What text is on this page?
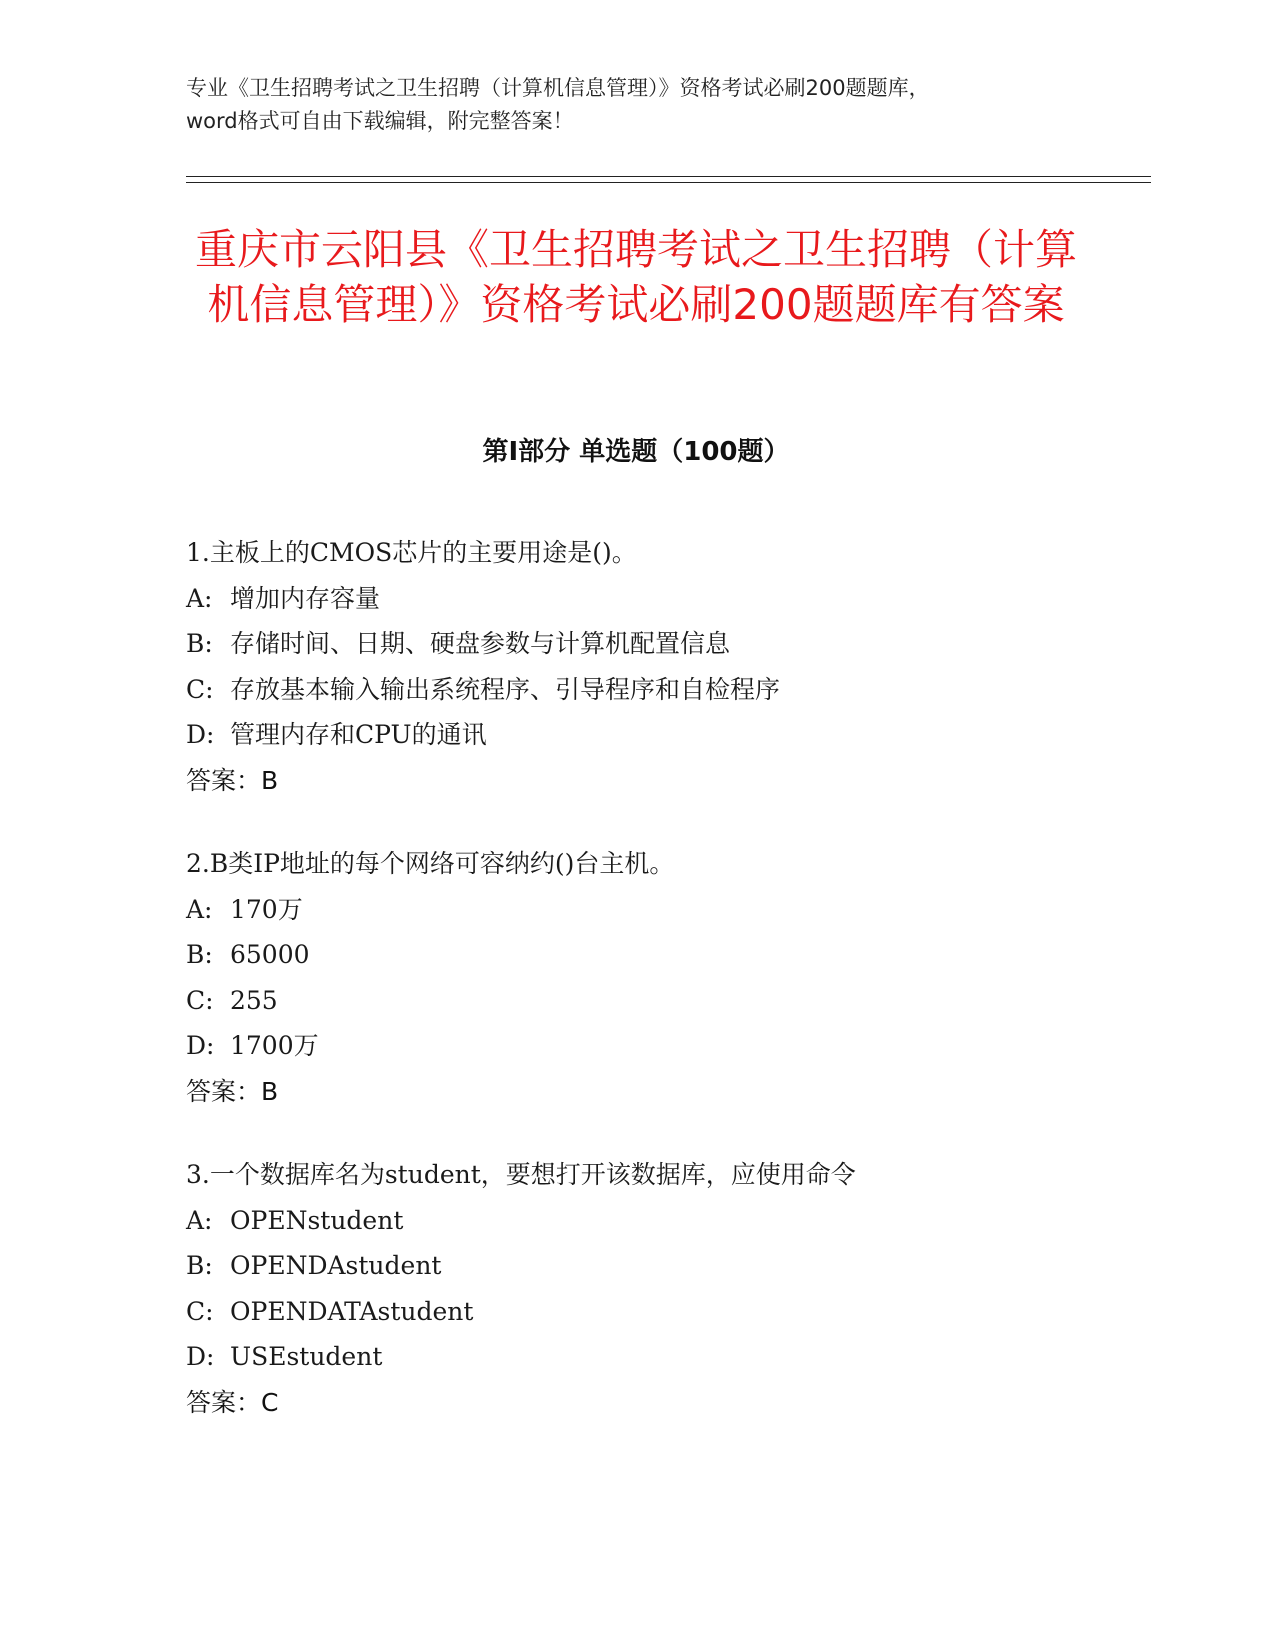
专业《卫生招聘考试之卫生招聘（计算机信息管理）》资格考试必刷200题题库，
word格式可自由下载编辑，附完整答案！
重庆市云阳县《卫生招聘考试之卫生招聘（计算机信息管理）》资格考试必刷200题题库有答案
第I部分 单选题（100题）
1.主板上的CMOS芯片的主要用途是()。
A: 增加内存容量
B: 存储时间、日期、硬盘参数与计算机配置信息
C: 存放基本输入输出系统程序、引导程序和自检程序
D: 管理内存和CPU的通讯
答案：B
2.B类IP地址的每个网络可容纳约()台主机。
A: 170万
B: 65000
C: 255
D: 1700万
答案：B
3.一个数据库名为student，要想打开该数据库，应使用命令
A: OPENstudent
B: OPENDAstudent
C: OPENDATAstudent
D: USEstudent
答案：C
